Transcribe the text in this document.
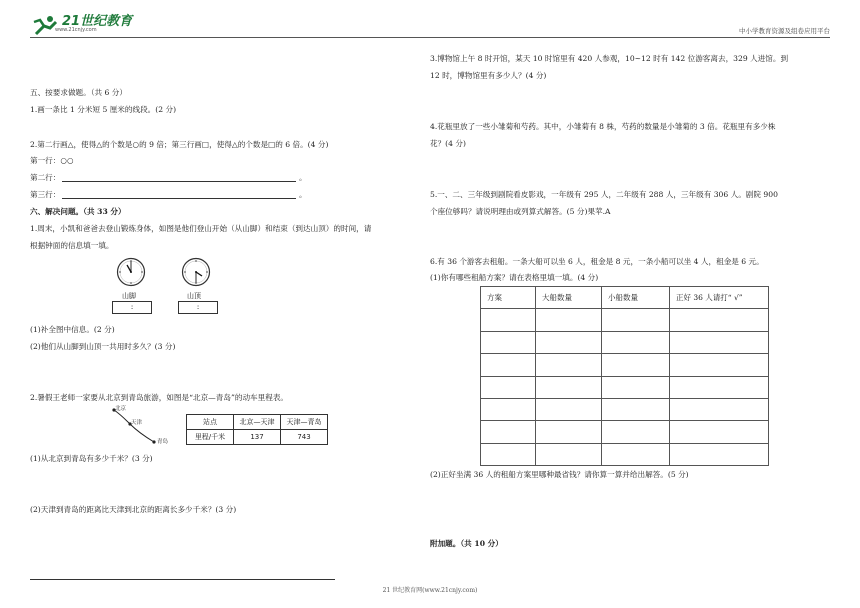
21世纪教育
www.21cnjy.com	中小学教育资源及组卷应用平台
五、按要求做题。（共 6 分）
1.画一条比 1 分米短 5 厘米的线段。(2 分)
2.第二行画△，使得△的个数是○的 9 倍；第三行画□，使得△的个数是□的 6 倍。(4 分)
第一行：○○
第二行：	。
第三行：	。
六、解决问题。（共 33 分）
1.周末，小凯和爸爸去登山锻炼身体，如图是他们登山开始（从山脚）和结束（到达山顶）的时间，请
根据钟面的信息填一填。
山脚	山顶
:	:
(1)补全图中信息。(2 分)
(2)他们从山脚到山顶一共用时多久？(3 分)
2.暑假王老师一家要从北京到青岛旅游，如图是“北京—青岛”的动车里程表。
北京
天津
青岛
站点	北京—天津	天津—青岛
里程/千米	137	743
(1)从北京到青岛有多少千米？(3 分)
(2)天津到青岛的距离比天津到北京的距离长多少千米？(3 分)
3.博物馆上午 8 时开馆，某天 10 时馆里有 420 人参观，10~12 时有 142 位游客离去，329 人进馆。到
12 时，博物馆里有多少人？(4 分)
4.花瓶里放了一些小雏菊和芍药。其中，小雏菊有 8 株，芍药的数量是小雏菊的 3 倍。花瓶里有多少株
花？(4 分)
5.一、二、三年级到剧院看皮影戏，一年级有 295 人，二年级有 288 人，三年级有 306 人。剧院 900
个座位够吗？请说明理由或列算式解答。(5 分)果苹.A
6.有 36 个游客去租船。一条大船可以坐 6 人，租金是 8 元，一条小船可以坐 4 人，租金是 6 元。
(1)你有哪些租船方案？请在表格里填一填。(4 分)
方案	大船数量	小船数量	正好 36 人请打“ √”

(2)正好坐满 36 人的租船方案里哪种最省钱？请你算一算并给出解答。(5 分)
附加题。（共 10 分）
21 世纪教育网(www.21cnjy.com)
